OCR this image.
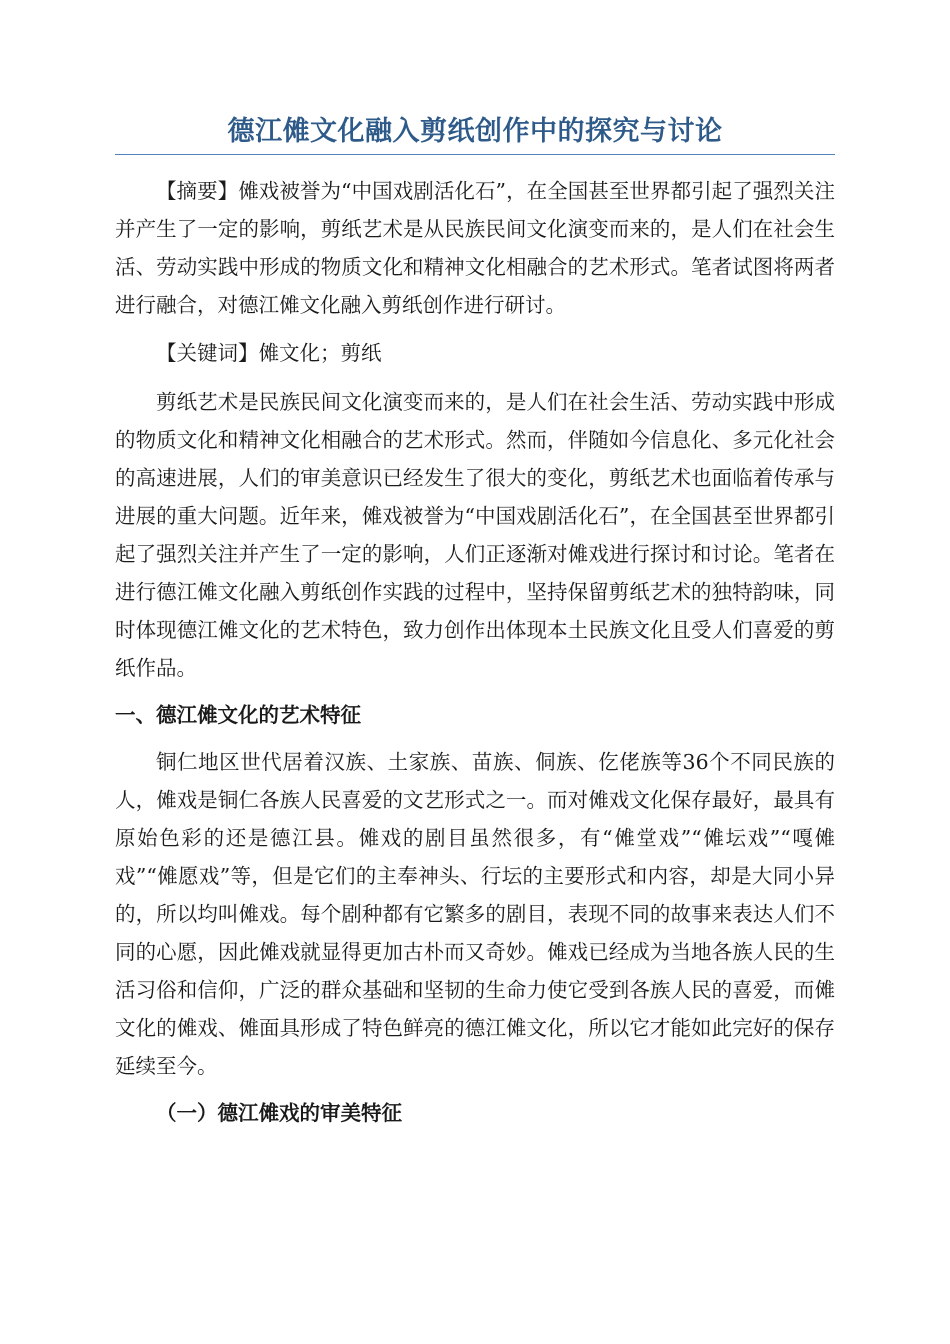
德江傩文化融入剪纸创作中的探究与讨论

【摘要】傩戏被誉为“中国戏剧活化石”，在全国甚至世界都引起了强烈关注并产生了一定的影响，剪纸艺术是从民族民间文化演变而来的，是人们在社会生活、劳动实践中形成的物质文化和精神文化相融合的艺术形式。笔者试图将两者进行融合，对德江傩文化融入剪纸创作进行研讨。

【关键词】傩文化；剪纸

剪纸艺术是民族民间文化演变而来的，是人们在社会生活、劳动实践中形成的物质文化和精神文化相融合的艺术形式。然而，伴随如今信息化、多元化社会的高速进展，人们的审美意识已经发生了很大的变化，剪纸艺术也面临着传承与进展的重大问题。近年来，傩戏被誉为“中国戏剧活化石”，在全国甚至世界都引起了强烈关注并产生了一定的影响，人们正逐渐对傩戏进行探讨和讨论。笔者在进行德江傩文化融入剪纸创作实践的过程中，坚持保留剪纸艺术的独特韵味，同时体现德江傩文化的艺术特色，致力创作出体现本土民族文化且受人们喜爱的剪纸作品。

一、德江傩文化的艺术特征

铜仁地区世代居着汉族、土家族、苗族、侗族、仡佬族等36个不同民族的人，傩戏是铜仁各族人民喜爱的文艺形式之一。而对傩戏文化保存最好，最具有原始色彩的还是德江县。傩戏的剧目虽然很多，有“傩堂戏”“傩坛戏”“嘎傩戏”“傩愿戏”等，但是它们的主奉神头、行坛的主要形式和内容，却是大同小异的，所以均叫傩戏。每个剧种都有它繁多的剧目，表现不同的故事来表达人们不同的心愿，因此傩戏就显得更加古朴而又奇妙。傩戏已经成为当地各族人民的生活习俗和信仰，广泛的群众基础和坚韧的生命力使它受到各族人民的喜爱，而傩文化的傩戏、傩面具形成了特色鲜亮的德江傩文化，所以它才能如此完好的保存延续至今。

（一）德江傩戏的审美特征
